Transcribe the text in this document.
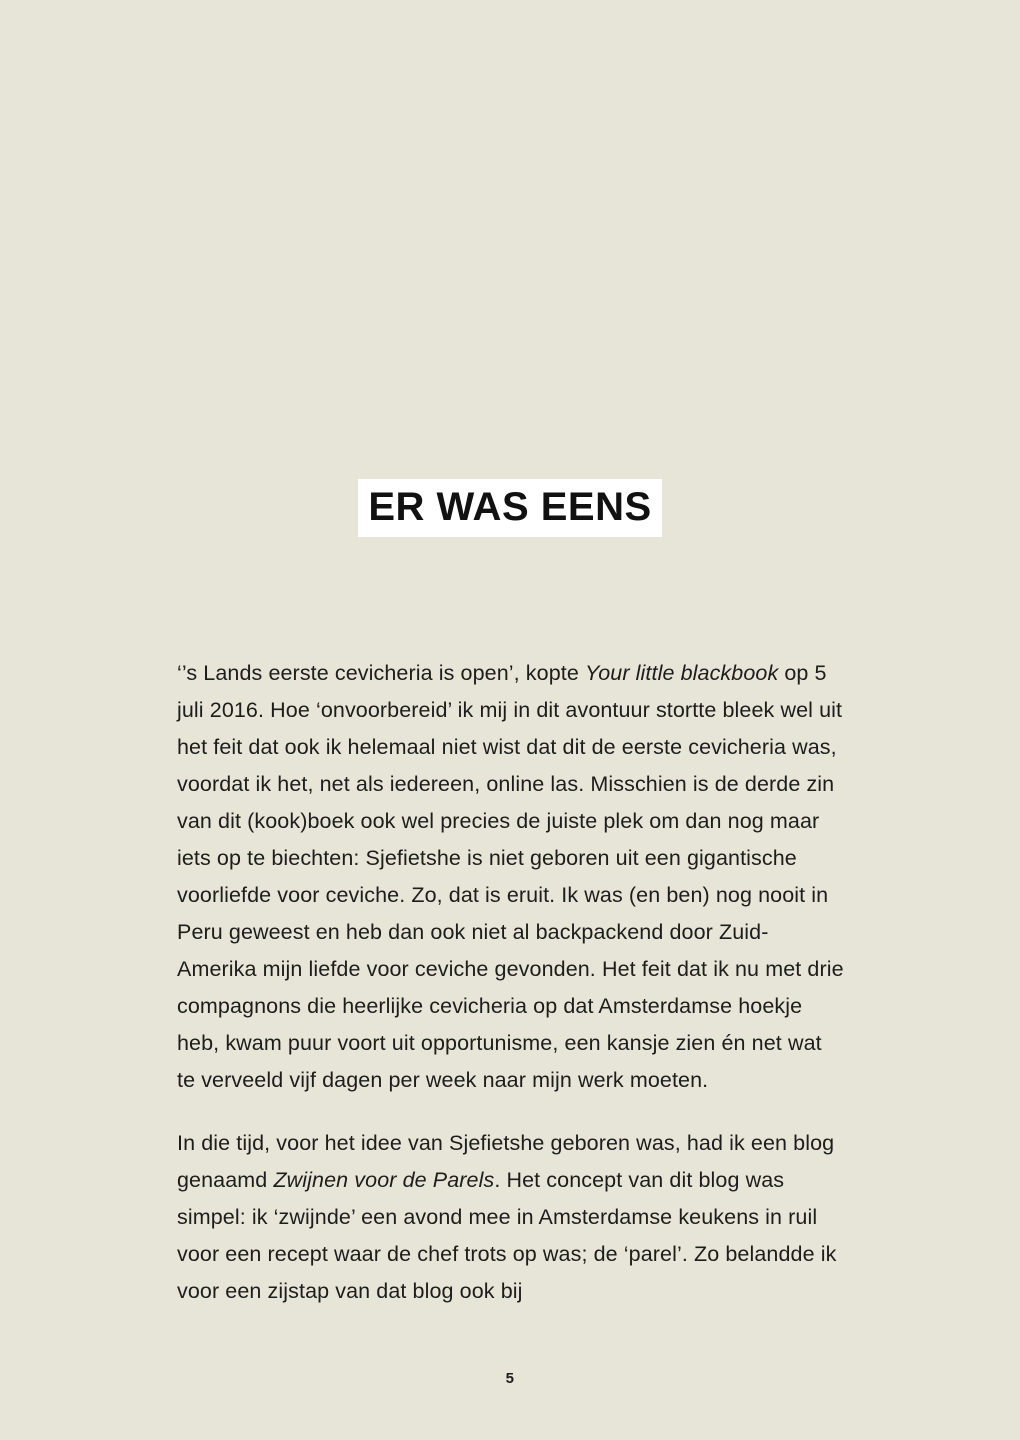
ER WAS EENS

‘’s Lands eerste cevicheria is open’, kopte Your little blackbook op 5 juli 2016. Hoe ‘onvoorbereid’ ik mij in dit avontuur stortte bleek wel uit het feit dat ook ik helemaal niet wist dat dit de eerste cevicheria was, voordat ik het, net als iedereen, online las. Misschien is de derde zin van dit (kook)boek ook wel precies de juiste plek om dan nog maar iets op te biechten: Sjefietshe is niet geboren uit een gigantische voorliefde voor ceviche. Zo, dat is eruit. Ik was (en ben) nog nooit in Peru geweest en heb dan ook niet al backpackend door Zuid-Amerika mijn liefde voor ceviche gevonden. Het feit dat ik nu met drie compagnons die heerlijke cevicheria op dat Amsterdamse hoekje heb, kwam puur voort uit opportunisme, een kansje zien én net wat te verveeld vijf dagen per week naar mijn werk moeten.

In die tijd, voor het idee van Sjefietshe geboren was, had ik een blog genaamd Zwijnen voor de Parels. Het concept van dit blog was simpel: ik ‘zwijnde’ een avond mee in Amsterdamse keukens in ruil voor een recept waar de chef trots op was; de ‘parel’. Zo belandde ik voor een zijstap van dat blog ook bij

5
